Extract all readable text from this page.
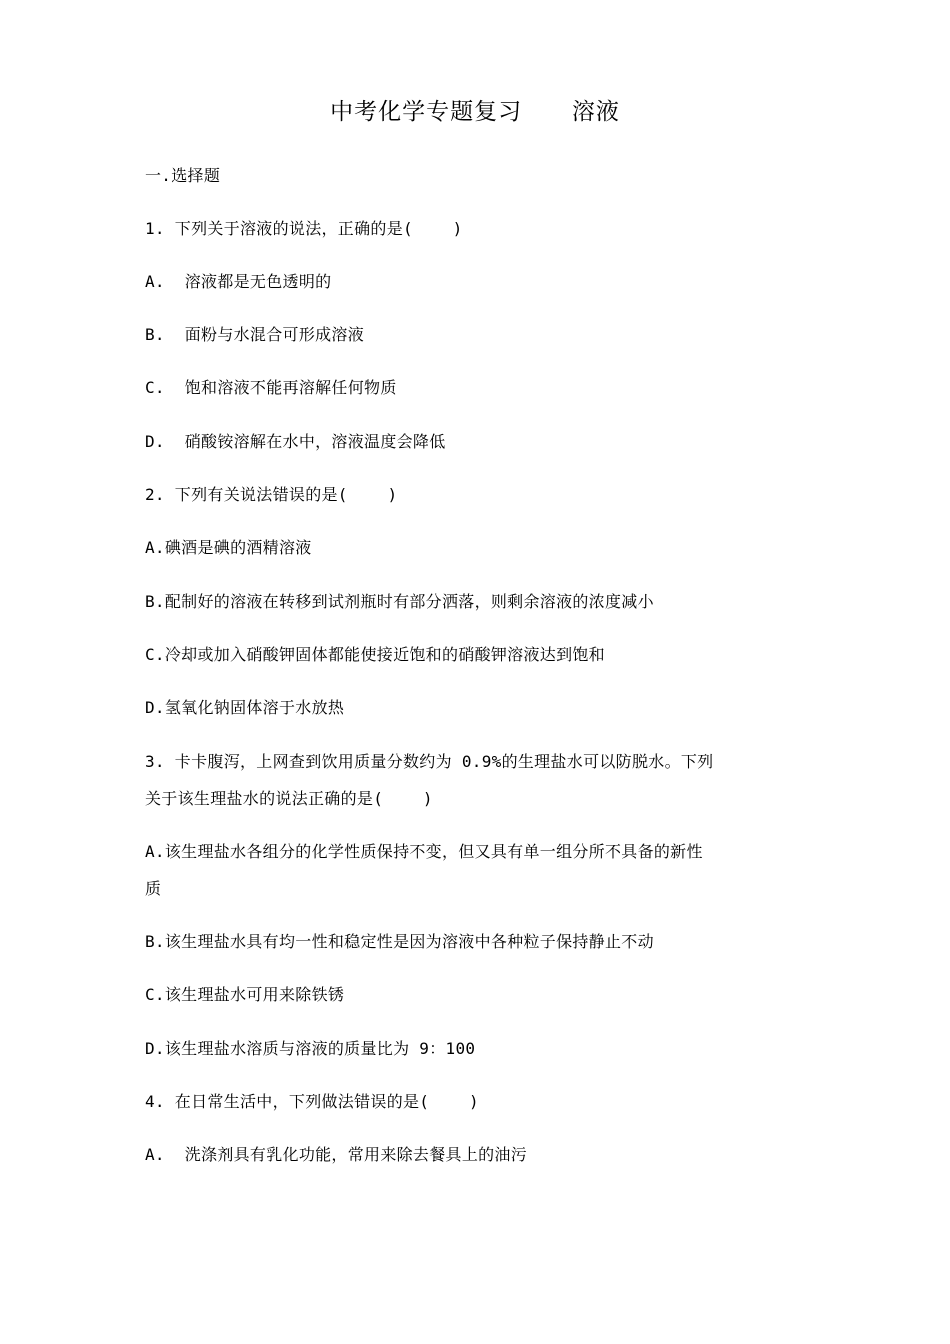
中考化学专题复习      溶液
一.选择题
1. 下列关于溶液的说法，正确的是(    )
A.  溶液都是无色透明的
B.  面粉与水混合可形成溶液
C.  饱和溶液不能再溶解任何物质
D.  硝酸铵溶解在水中，溶液温度会降低
2. 下列有关说法错误的是(    )
A.碘酒是碘的酒精溶液
B.配制好的溶液在转移到试剂瓶时有部分洒落，则剩余溶液的浓度减小
C.冷却或加入硝酸钾固体都能使接近饱和的硝酸钾溶液达到饱和
D.氢氧化钠固体溶于水放热
3. 卡卡腹泻，上网查到饮用质量分数约为 0.9%的生理盐水可以防脱水。下列
关于该生理盐水的说法正确的是(    )
A.该生理盐水各组分的化学性质保持不变，但又具有单一组分所不具备的新性
质
B.该生理盐水具有均一性和稳定性是因为溶液中各种粒子保持静止不动
C.该生理盐水可用来除铁锈
D.该生理盐水溶质与溶液的质量比为 9：100
4. 在日常生活中，下列做法错误的是(    )
A.  洗涤剂具有乳化功能，常用来除去餐具上的油污
